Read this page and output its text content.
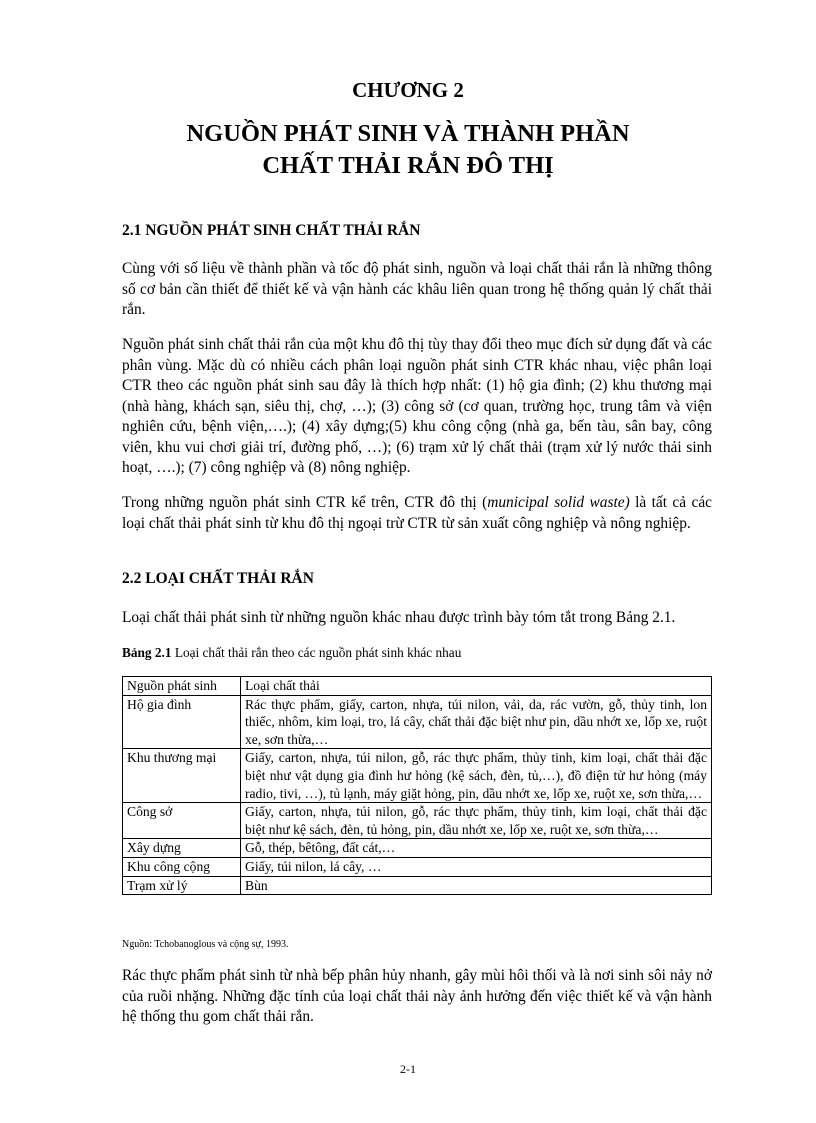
CHƯƠNG 2
NGUỒN PHÁT SINH VÀ THÀNH PHẦN
CHẤT THẢI RẮN ĐÔ THỊ
2.1 NGUỒN PHÁT SINH CHẤT THẢI RẮN
Cùng với số liệu về thành phần và tốc độ phát sinh, nguồn và loại chất thải rắn là những thông số cơ bản cần thiết để thiết kế và vận hành các khâu liên quan trong hệ thống quản lý chất thải rắn.
Nguồn phát sinh chất thải rắn của một khu đô thị tùy thay đổi theo mục đích sử dụng đất và các phân vùng. Mặc dù có nhiều cách phân loại nguồn phát sinh CTR khác nhau, việc phân loại CTR theo các nguồn phát sinh sau đây là thích hợp nhất: (1) hộ gia đình; (2) khu thương mại (nhà hàng, khách sạn, siêu thị, chợ, …); (3) công sở (cơ quan, trường học, trung tâm và viện nghiên cứu, bệnh viện,….); (4) xây dựng;(5) khu công cộng (nhà ga, bến tàu, sân bay, công viên, khu vui chơi giải trí, đường phố, …); (6) trạm xử lý chất thải (trạm xử lý nước thải sinh hoạt, ….); (7) công nghiệp và (8) nông nghiệp.
Trong những nguồn phát sinh CTR kể trên, CTR đô thị (municipal solid waste) là tất cả các loại chất thải phát sinh từ khu đô thị ngoại trừ CTR từ sản xuất công nghiệp và nông nghiệp.
2.2 LOẠI CHẤT THẢI RẮN
Loại chất thải phát sinh từ những nguồn khác nhau được trình bày tóm tắt trong Bảng 2.1.
Bảng 2.1 Loại chất thải rắn theo các nguồn phát sinh khác nhau
Nguồn phát sinh	Loại chất thải
Hộ gia đình	Rác thực phẩm, giấy, carton, nhựa, túi nilon, vải, da, rác vườn, gỗ, thủy tinh, lon thiếc, nhôm, kim loại, tro, lá cây, chất thải đặc biệt như pin, dầu nhớt xe, lốp xe, ruột xe, sơn thừa,…
Khu thương mại	Giấy, carton, nhựa, túi nilon, gỗ, rác thực phẩm, thủy tinh, kim loại, chất thải đặc biệt như vật dụng gia đình hư hỏng (kệ sách, đèn, tủ,…), đồ điện tử hư hỏng (máy radio, tivi, …), tủ lạnh, máy giặt hỏng, pin, dầu nhớt xe, lốp xe, ruột xe, sơn thừa,…
Công sở	Giấy, carton, nhựa, túi nilon, gỗ, rác thực phẩm, thủy tinh, kim loại, chất thải đặc biệt như kệ sách, đèn, tủ hỏng, pin, dầu nhớt xe, lốp xe, ruột xe, sơn thừa,…
Xây dựng	Gỗ, thép, bêtông, đất cát,…
Khu công cộng	Giấy, túi nilon, lá cây, …
Trạm xử lý	Bùn
Nguồn: Tchobanoglous và cộng sự, 1993.
Rác thực phẩm phát sinh từ nhà bếp phân hủy nhanh, gây mùi hôi thối và là nơi sinh sôi nảy nở của ruồi nhặng. Những đặc tính của loại chất thải này ảnh hưởng đến việc thiết kế và vận hành hệ thống thu gom chất thải rắn.
2-1
